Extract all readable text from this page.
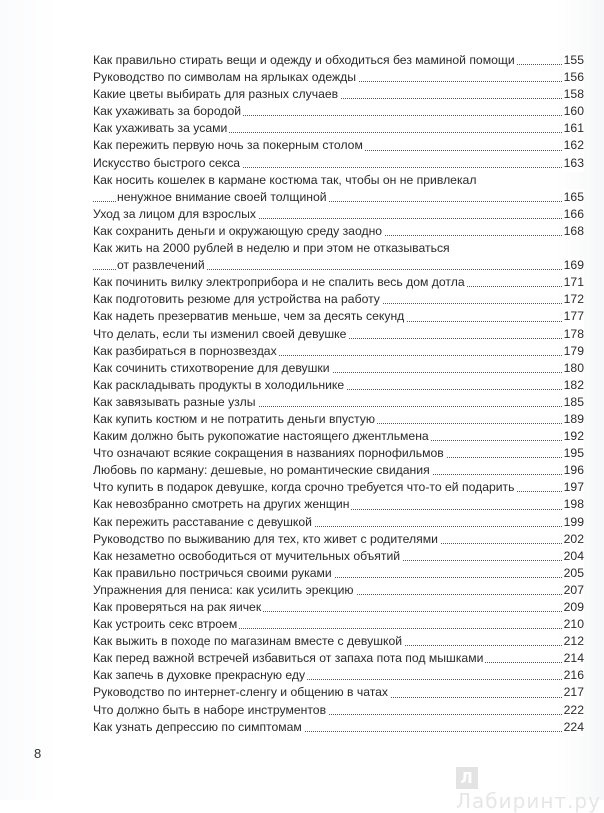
Как правильно стирать вещи и одежду и обходиться без маминой помощи	155
Руководство по символам на ярлыках одежды	156
Какие цветы выбирать для разных случаев	158
Как ухаживать за бородой	160
Как ухаживать за усами	161
Как пережить первую ночь за покерным столом	162
Искусство быстрого секса	163
Как носить кошелек в кармане костюма так, чтобы он не привлекал
ненужное внимание своей толщиной	165
Уход за лицом для взрослых	166
Как сохранить деньги и окружающую среду заодно	168
Как жить на 2000 рублей в неделю и при этом не отказываться
от развлечений	169
Как починить вилку электроприбора и не спалить весь дом дотла	171
Как подготовить резюме для устройства на работу	172
Как надеть презерватив меньше, чем за десять секунд	177
Что делать, если ты изменил своей девушке	178
Как разбираться в порнозвездах	179
Как сочинить стихотворение для девушки	180
Как раскладывать продукты в холодильнике	182
Как завязывать разные узлы	185
Как купить костюм и не потратить деньги впустую	189
Каким должно быть рукопожатие настоящего джентльмена	192
Что означают всякие сокращения в названиях порнофильмов	195
Любовь по карману: дешевые, но романтические свидания	196
Что купить в подарок девушке, когда срочно требуется что-то ей подарить	197
Как невозбранно смотреть на других женщин	198
Как пережить расставание с девушкой	199
Руководство по выживанию для тех, кто живет с родителями	202
Как незаметно освободиться от мучительных объятий	204
Как правильно постричься своими руками	205
Упражнения для пениса: как усилить эрекцию	207
Как проверяться на рак яичек	209
Как устроить секс втроем	210
Как выжить в походе по магазинам вместе с девушкой	212
Как перед важной встречей избавиться от запаха пота под мышками	214
Как запечь в духовке прекрасную еду	216
Руководство по интернет-сленгу и общению в чатах	217
Что должно быть в наборе инструментов	222
Как узнать депрессию по симптомам	224
8
ЛЛабиринт.ру
